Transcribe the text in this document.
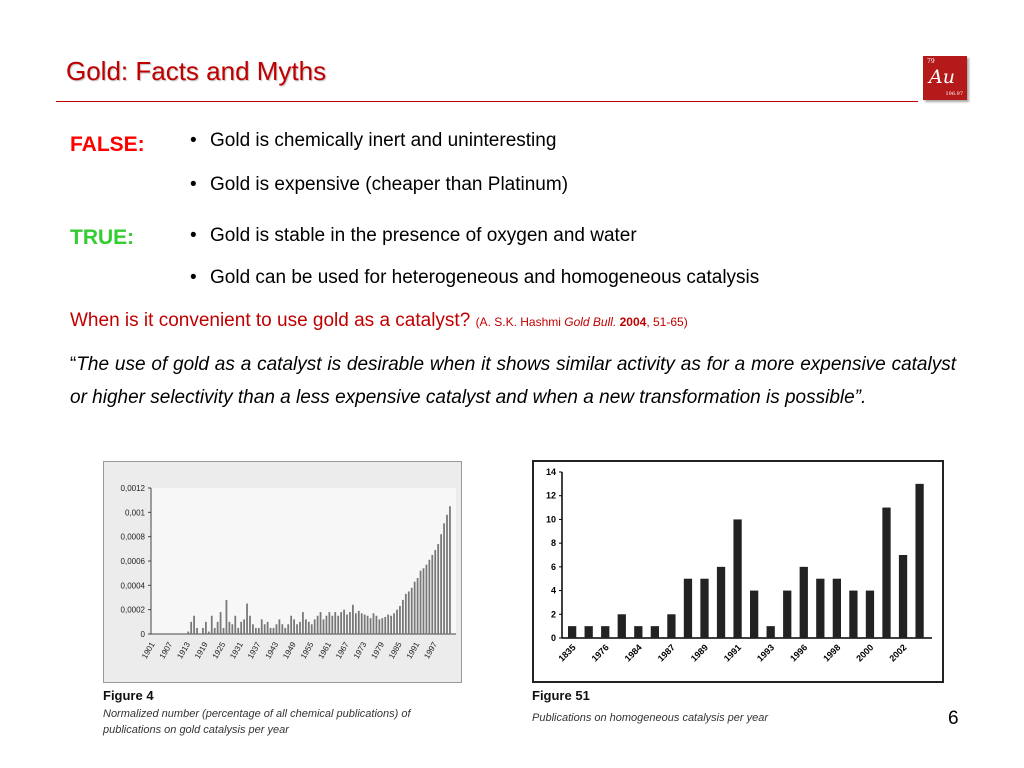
Gold: Facts and Myths	79
Au
196.97
FALSE: • Gold is chemically inert and uninteresting
• Gold is expensive (cheaper than Platinum)
TRUE:	• Gold is stable in the presence of oxygen and water
• Gold can be used for heterogeneous and homogeneous catalysis
When is it convenient to use gold as a catalyst? (A. S.K. Hashmi Gold Bull. 2004, 51-65)
“The use of gold as a catalyst is desirable when it shows similar activity as for a more expensive catalyst or higher selectivity than a less expensive catalyst and when a new transformation is possible”.
0
0,0002
0,0004
0,0006
0,0008
0,001
0,0012
1901 1907 1913 1919 1925 1931 1937 1943 1949 1955 1961 1967 1973 1979 1985 1991 1997
Figure 4
Normalized number (percentage of all chemical publications) of
publications on gold catalysis per year
0
2
4
6
8
10
12
14
1835 1976 1984 1987 1989 1991 1993 1996 1998 2000 2002
Figure 51
Publications on homogeneous catalysis per year	6
